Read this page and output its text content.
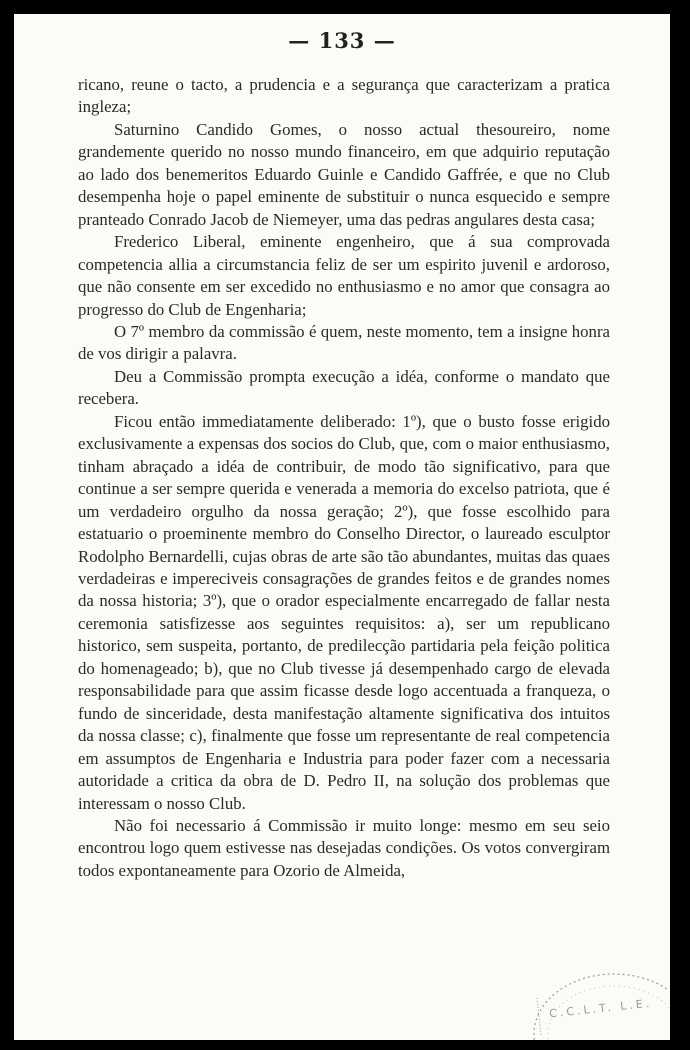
— 133 —

ricano, reune o tacto, a prudencia e a segurança que caracterizam a pratica ingleza;

Saturnino Candido Gomes, o nosso actual thesoureiro, nome grandemente querido no nosso mundo financeiro, em que adquirio reputação ao lado dos benemeritos Eduardo Guinle e Candido Gaffrée, e que no Club desempenha hoje o papel eminente de substituir o nunca esquecido e sempre pranteado Conrado Jacob de Niemeyer, uma das pedras angulares desta casa;

Frederico Liberal, eminente engenheiro, que á sua comprovada competencia allia a circumstancia feliz de ser um espirito juvenil e ardoroso, que não consente em ser excedido no enthusiasmo e no amor que consagra ao progresso do Club de Engenharia;

O 7º membro da commissão é quem, neste momento, tem a insigne honra de vos dirigir a palavra.

Deu a Commissão prompta execução a idéa, conforme o mandato que recebera.

Ficou então immediatamente deliberado: 1º), que o busto fosse erigido exclusivamente a expensas dos socios do Club, que, com o maior enthusiasmo, tinham abraçado a idéa de contribuir, de modo tão significativo, para que continue a ser sempre querida e venerada a memoria do excelso patriota, que é um verdadeiro orgulho da nossa geração; 2º), que fosse escolhido para estatuario o proeminente membro do Conselho Director, o laureado esculptor Rodolpho Bernardelli, cujas obras de arte são tão abundantes, muitas das quaes verdadeiras e impereciveis consagrações de grandes feitos e de grandes nomes da nossa historia; 3º), que o orador especialmente encarregado de fallar nesta ceremonia satisfizesse aos seguintes requisitos: a), ser um republicano historico, sem suspeita, portanto, de predilecção partidaria pela feição politica do homenageado; b), que no Club tivesse já desempenhado cargo de elevada responsabilidade para que assim ficasse desde logo accentuada a franqueza, o fundo de sinceridade, desta manifestação altamente significativa dos intuitos da nossa classe; c), finalmente que fosse um representante de real competencia em assumptos de Engenharia e Industria para poder fazer com a necessaria autoridade a critica da obra de D. Pedro II, na solução dos problemas que interessam o nosso Club.

Não foi necessario á Commissão ir muito longe: mesmo em seu seio encontrou logo quem estivesse nas desejadas condições. Os votos convergiram todos expontaneamente para Ozorio de Almeida,

C.C.L.T. L.E.
